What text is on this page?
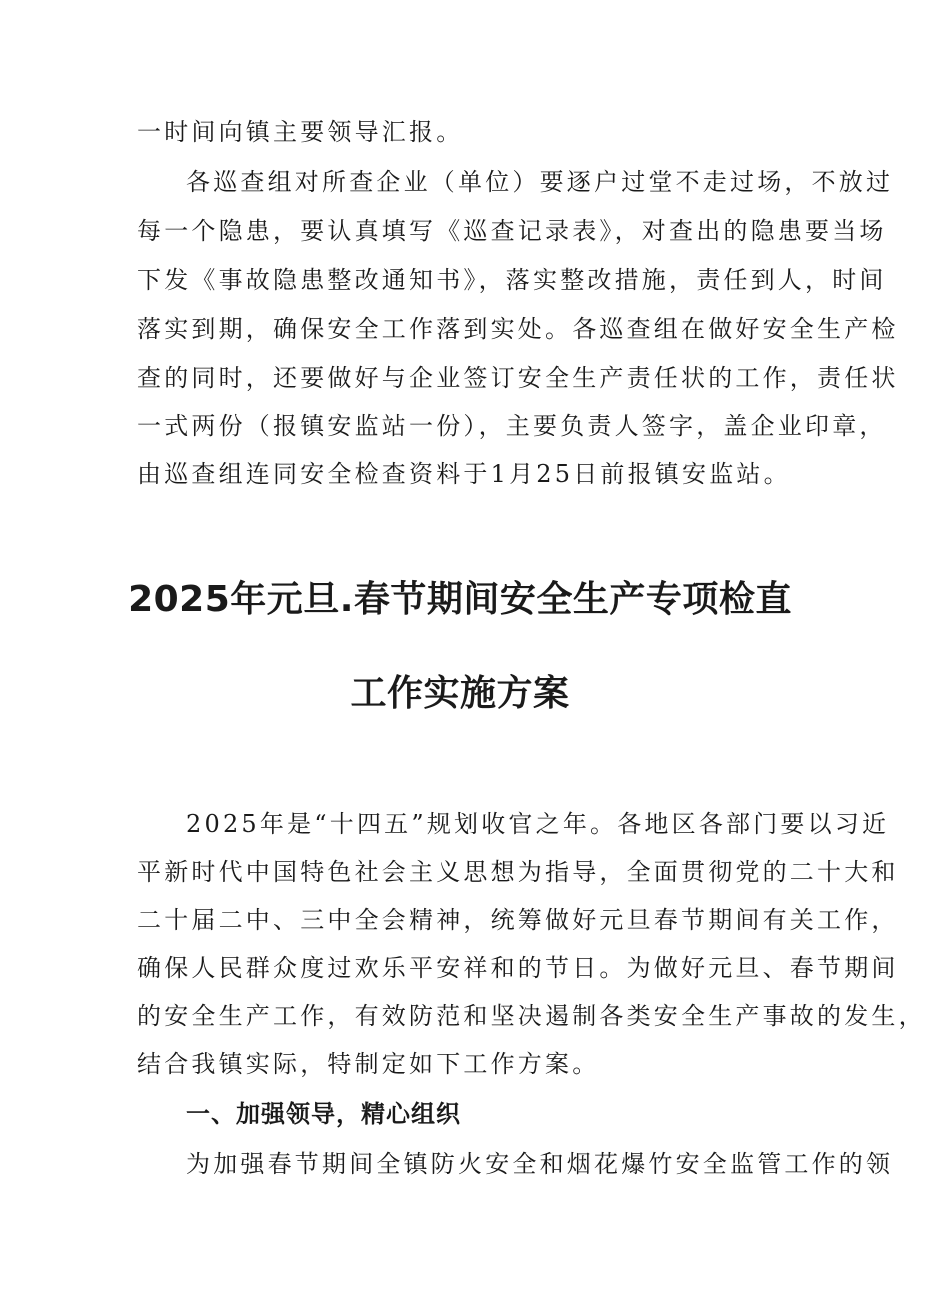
一时间向镇主要领导汇报。
各巡查组对所查企业（单位）要逐户过堂不走过场，不放过
每一个隐患，要认真填写《巡查记录表》，对查出的隐患要当场
下发《事故隐患整改通知书》，落实整改措施，责任到人，时间
落实到期，确保安全工作落到实处。各巡查组在做好安全生产检
查的同时，还要做好与企业签订安全生产责任状的工作，责任状
一式两份（报镇安监站一份），主要负责人签字，盖企业印章，
由巡查组连同安全检查资料于1月25日前报镇安监站。
2025年元旦.春节期间安全生产专项检直
工作实施方案
2025年是“十四五”规划收官之年。各地区各部门要以习近
平新时代中国特色社会主义思想为指导，全面贯彻党的二十大和
二十届二中、三中全会精神，统筹做好元旦春节期间有关工作，
确保人民群众度过欢乐平安祥和的节日。为做好元旦、春节期间
的安全生产工作，有效防范和坚决遏制各类安全生产事故的发生，
结合我镇实际，特制定如下工作方案。
一、加强领导，精心组织
为加强春节期间全镇防火安全和烟花爆竹安全监管工作的领
